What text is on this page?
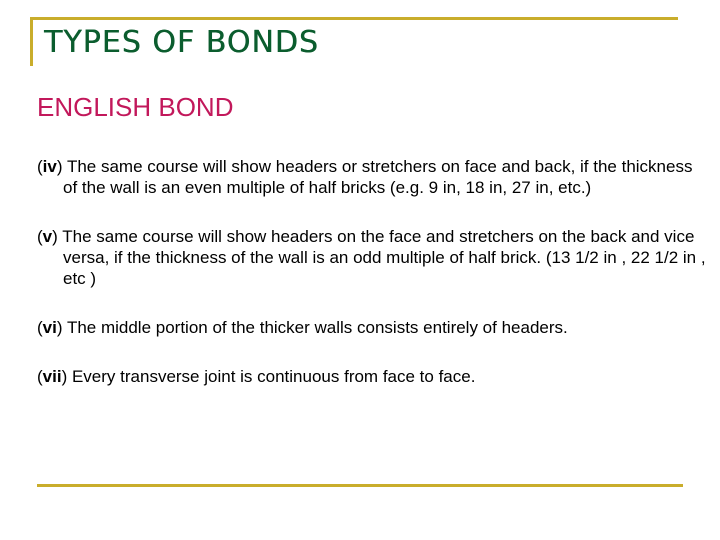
TYPES OF BONDS
ENGLISH BOND

(iv) The same course will show headers or stretchers on face and back, if the thickness of the wall is an even multiple of half bricks (e.g. 9 in, 18 in, 27 in, etc.)

(v) The same course will show headers on the face and stretchers on the back and vice versa, if the thickness of the wall is an odd multiple of half brick. (13 1/2 in , 22 1/2 in , etc )

(vi) The middle portion of the thicker walls consists entirely of headers.

(vii) Every transverse joint is continuous from face to face.
